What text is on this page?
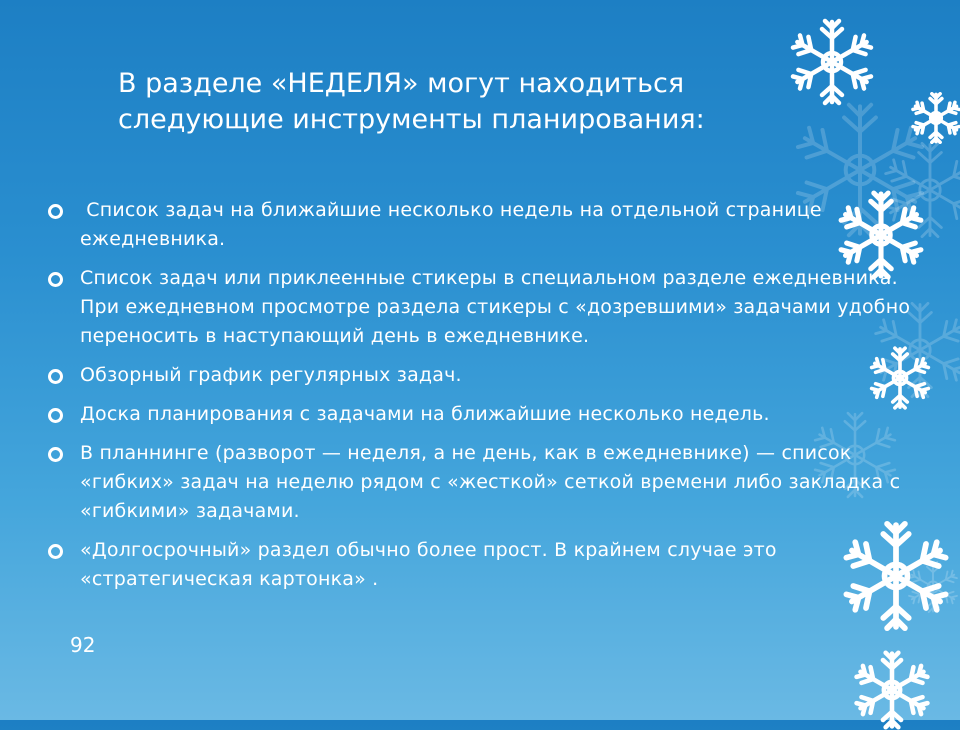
В разделе «НЕДЕЛЯ» могут находиться следующие инструменты планирования:
Список задач на ближайшие несколько недель на отдельной странице ежедневника.
Список задач или приклеенные стикеры в специальном разделе ежедневника. При ежедневном просмотре раздела стикеры с «дозревшими» задачами удобно переносить в наступающий день в ежедневнике.
Обзорный график регулярных задач.
Доска планирования с задачами на ближайшие несколько недель.
В планнинге (разворот — неделя, а не день, как в ежедневнике) — список «гибких» задач на неделю рядом с «жесткой» сеткой времени либо закладка с «гибкими» задачами.
«Долгосрочный» раздел обычно более прост. В крайнем случае это «стратегическая картонка» .
92
